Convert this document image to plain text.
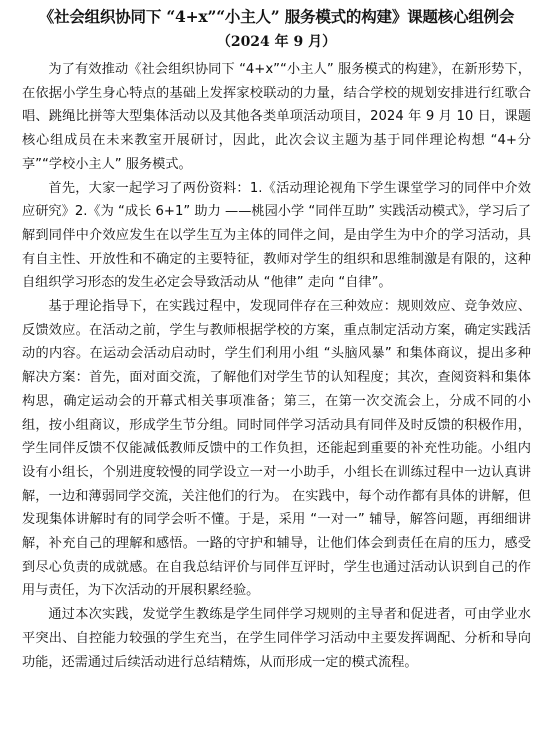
《社会组织协同下 “4+x”“小主人” 服务模式的构建》课题核心组例会
（2024 年 9 月）

为了有效推动《社会组织协同下 “4+x”“小主人” 服务模式的构建》，在新形势下，在依据小学生身心特点的基础上发挥家校联动的力量，结合学校的规划安排进行红歌合唱、跳绳比拼等大型集体活动以及其他各类单项活动项目，2024 年 9 月 10 日，课题核心组成员在未来教室开展研讨，因此，此次会议主题为基于同伴理论构想 “4+分享”“学校小主人” 服务模式。

首先，大家一起学习了两份资料：1.《活动理论视角下学生课堂学习的同伴中介效应研究》2.《为 “成长 6+1” 助力 ——桃园小学 “同伴互助” 实践活动模式》，学习后了解到同伴中介效应发生在以学生互为主体的同伴之间，是由学生为中介的学习活动，具有自主性、开放性和不确定的主要特征，教师对学生的组织和思维制激是有限的，这种自组织学习形态的发生必定会导致活动从 “他律” 走向 “自律”。

基于理论指导下，在实践过程中，发现同伴存在三种效应：规则效应、竞争效应、反馈效应。在活动之前，学生与教师根据学校的方案，重点制定活动方案，确定实践活动的内容。在运动会活动启动时，学生们利用小组 “头脑风暴” 和集体商议，提出多种解决方案：首先，面对面交流，了解他们对学生节的认知程度；其次，查阅资料和集体构思，确定运动会的开幕式相关事项准备；第三，在第一次交流会上，分成不同的小组，按小组商议，形成学生节分组。同时同伴学习活动具有同伴及时反馈的积极作用，学生同伴反馈不仅能减低教师反馈中的工作负担，还能起到重要的补充性功能。小组内设有小组长，个别进度较慢的同学设立一对一小助手，小组长在训练过程中一边认真讲解，一边和薄弱同学交流，关注他们的行为。 在实践中，每个动作都有具体的讲解，但发现集体讲解时有的同学会听不懂。于是，采用 “一对一” 辅导，解答问题，再细细讲解，补充自己的理解和感悟。一路的守护和辅导，让他们体会到责任在肩的压力，感受到尽心负责的成就感。在自我总结评价与同伴互评时，学生也通过活动认识到自己的作用与责任，为下次活动的开展积累经验。

通过本次实践，发觉学生教练是学生同伴学习规则的主导者和促进者，可由学业水平突出、自控能力较强的学生充当，在学生同伴学习活动中主要发挥调配、分析和导向功能，还需通过后续活动进行总结精炼，从而形成一定的模式流程。
